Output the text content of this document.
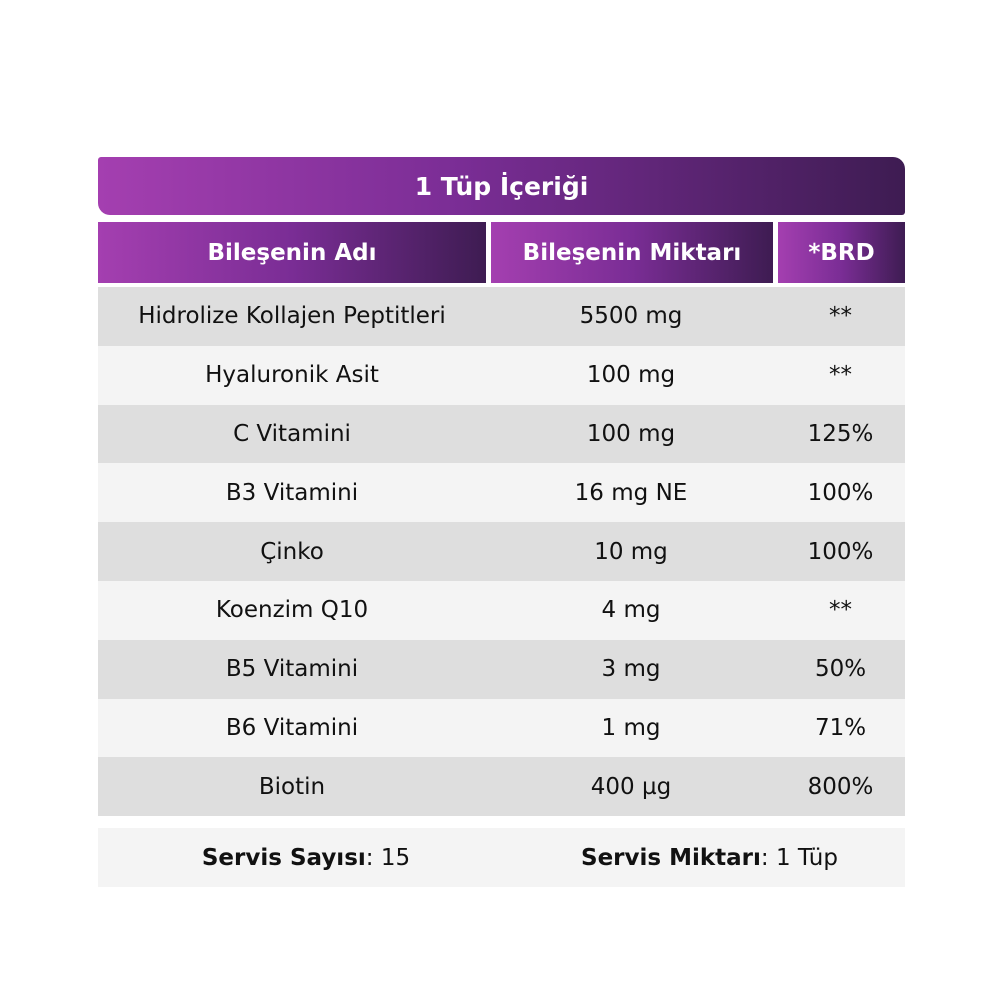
1 Tüp İçeriği
Bileşenin Adı	Bileşenin Miktarı	*BRD
Hidrolize Kollajen Peptitleri	5500 mg	**
Hyaluronik Asit	100 mg	**
C Vitamini	100 mg	125%
B3 Vitamini	16 mg NE	100%
Çinko	10 mg	100%
Koenzim Q10	4 mg	**
B5 Vitamini	3 mg	50%
B6 Vitamini	1 mg	71%
Biotin	400 µg	800%
Servis Sayısı: 15	Servis Miktarı: 1 Tüp
